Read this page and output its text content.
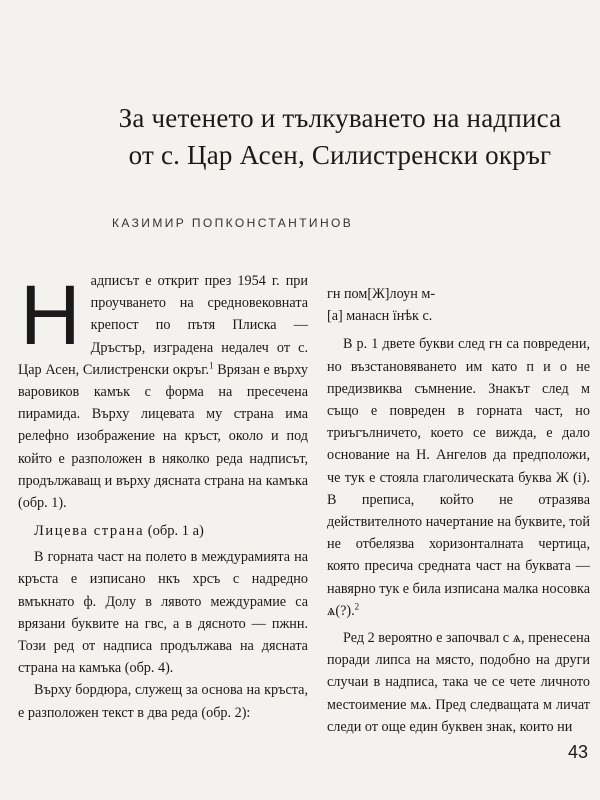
За четенето и тълкуването на надписа
от с. Цар Асен, Силистренски окръг
КАЗИМИР ПОПКОНСТАНТИНОВ
Н адписът е открит през 1954 г. при проучването на средновековната крепост по пътя Плиска — Дръстър, изградена недалеч от с. Цар Асен, Силистренски окръг.$^1$ Врязан е върху варовиков камък с форма на пресечена пирамида. Върху лицевата му страна има релефно изображение на кръст, около и под който е разположен в няколко реда надписът, продължаващ и върху дясната страна на камъка (обр. 1).

Лицева страна (обр. 1 а)

В горната част на полето в междурамията на кръста е изписано нкъ хрсъ с надредно вмъкнато ф. Долу в лявото междурамие са врязани буквите на гвс, а в дясното — пжнн. Този ред от надписа продължава на дясната страна на камъка (обр. 4).

Върху бордюра, служещ за основа на кръста, е разположен текст в два реда (обр. 2):

гн пом[Ж]лоун м-

[а] манасн їнѣк с.

В р. 1 двете букви след гн са повредени, но възстановяването им като п и о не предизвиква съмнение. Знакът след м също е повреден в горната част, но триъгълничето, което се вижда, е дало основание на Н. Ангелов да предположи, че тук е стояла глаголическата буква Ж (і). В преписа, който не отразява действителното начертание на буквите, той не отбелязва хоризонталната чертица, която пресича средната част на буквата — навярно тук е била изписана малка носовка ѧ(?).$^2$

Ред 2 вероятно е започвал с ѧ, пренесена поради липса на място, подобно на други случаи в надписа, така че се чете личното местоимение мѧ. Пред следващата м личат следи от още един буквен знак, които ни

43
